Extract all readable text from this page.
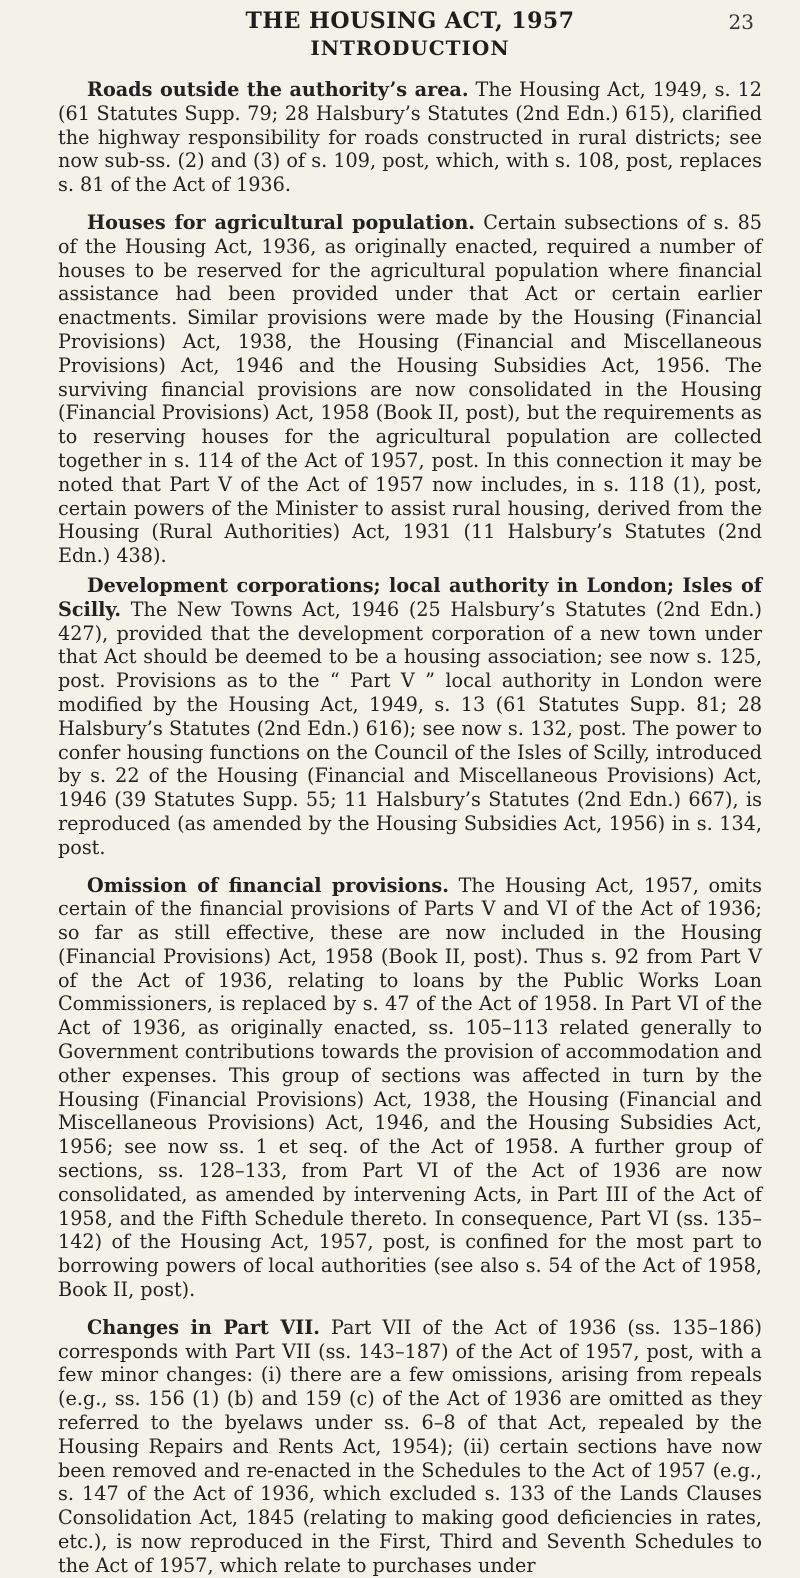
THE HOUSING ACT, 1957
INTRODUCTION
23

Roads outside the authority’s area. The Housing Act, 1949, s. 12 (61 Statutes Supp. 79; 28 Halsbury’s Statutes (2nd Edn.) 615), clarified the highway responsibility for roads constructed in rural districts; see now sub-ss. (2) and (3) of s. 109, post, which, with s. 108, post, replaces s. 81 of the Act of 1936.

Houses for agricultural population. Certain subsections of s. 85 of the Housing Act, 1936, as originally enacted, required a number of houses to be reserved for the agricultural population where financial assistance had been provided under that Act or certain earlier enactments. Similar provisions were made by the Housing (Financial Provisions) Act, 1938, the Housing (Financial and Miscellaneous Provisions) Act, 1946 and the Housing Subsidies Act, 1956. The surviving financial provisions are now consolidated in the Housing (Financial Provisions) Act, 1958 (Book II, post), but the requirements as to reserving houses for the agricultural population are collected together in s. 114 of the Act of 1957, post. In this connection it may be noted that Part V of the Act of 1957 now includes, in s. 118 (1), post, certain powers of the Minister to assist rural housing, derived from the Housing (Rural Authorities) Act, 1931 (11 Halsbury’s Statutes (2nd Edn.) 438).

Development corporations; local authority in London; Isles of Scilly. The New Towns Act, 1946 (25 Halsbury’s Statutes (2nd Edn.) 427), provided that the development corporation of a new town under that Act should be deemed to be a housing association; see now s. 125, post. Provisions as to the “ Part V ” local authority in London were modified by the Housing Act, 1949, s. 13 (61 Statutes Supp. 81; 28 Halsbury’s Statutes (2nd Edn.) 616); see now s. 132, post. The power to confer housing functions on the Council of the Isles of Scilly, introduced by s. 22 of the Housing (Financial and Miscellaneous Provisions) Act, 1946 (39 Statutes Supp. 55; 11 Halsbury’s Statutes (2nd Edn.) 667), is reproduced (as amended by the Housing Subsidies Act, 1956) in s. 134, post.

Omission of financial provisions. The Housing Act, 1957, omits certain of the financial provisions of Parts V and VI of the Act of 1936; so far as still effective, these are now included in the Housing (Financial Provisions) Act, 1958 (Book II, post). Thus s. 92 from Part V of the Act of 1936, relating to loans by the Public Works Loan Commissioners, is replaced by s. 47 of the Act of 1958. In Part VI of the Act of 1936, as originally enacted, ss. 105–113 related generally to Government contributions towards the provision of accommodation and other expenses. This group of sections was affected in turn by the Housing (Financial Provisions) Act, 1938, the Housing (Financial and Miscellaneous Provisions) Act, 1946, and the Housing Subsidies Act, 1956; see now ss. 1 et seq. of the Act of 1958. A further group of sections, ss. 128–133, from Part VI of the Act of 1936 are now consolidated, as amended by intervening Acts, in Part III of the Act of 1958, and the Fifth Schedule thereto. In consequence, Part VI (ss. 135–142) of the Housing Act, 1957, post, is confined for the most part to borrowing powers of local authorities (see also s. 54 of the Act of 1958, Book II, post).

Changes in Part VII. Part VII of the Act of 1936 (ss. 135–186) corresponds with Part VII (ss. 143–187) of the Act of 1957, post, with a few minor changes: (i) there are a few omissions, arising from repeals (e.g., ss. 156 (1) (b) and 159 (c) of the Act of 1936 are omitted as they referred to the byelaws under ss. 6–8 of that Act, repealed by the Housing Repairs and Rents Act, 1954); (ii) certain sections have now been removed and re-enacted in the Schedules to the Act of 1957 (e.g., s. 147 of the Act of 1936, which excluded s. 133 of the Lands Clauses Consolidation Act, 1845 (relating to making good deficiencies in rates, etc.), is now reproduced in the First, Third and Seventh Schedules to the Act of 1957, which relate to purchases under
